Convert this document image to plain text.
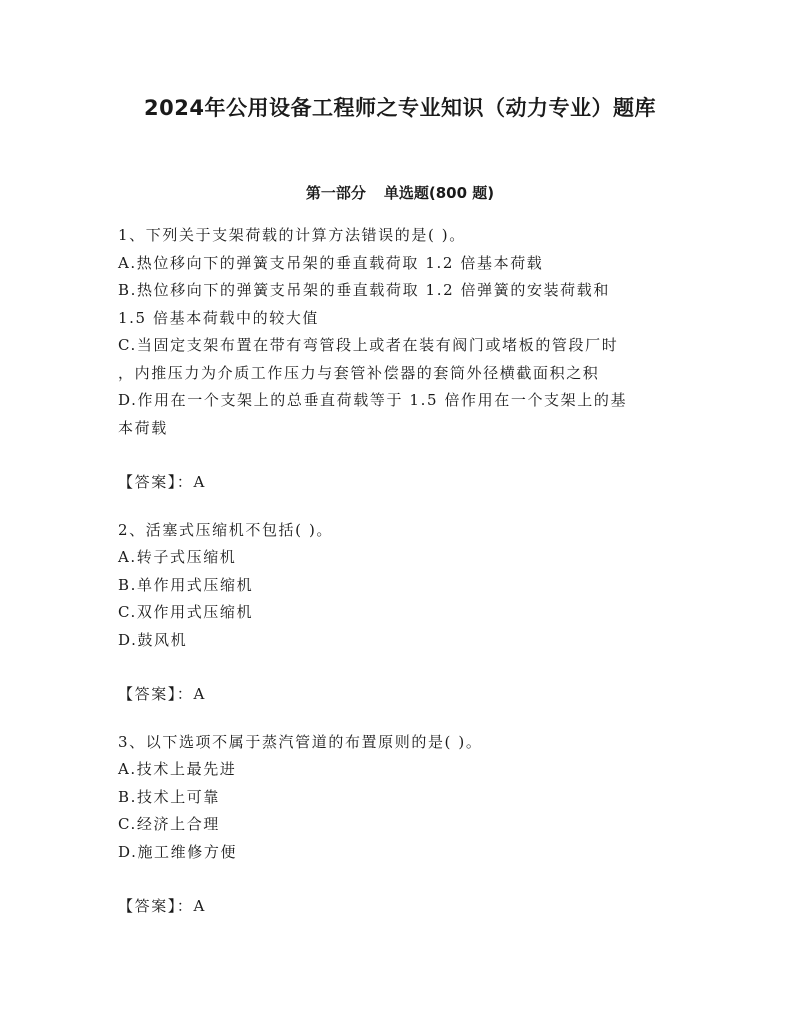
2024年公用设备工程师之专业知识（动力专业）题库
第一部分 单选题(800 题)
1、下列关于支架荷载的计算方法错误的是( )。
A.热位移向下的弹簧支吊架的垂直载荷取 1.2 倍基本荷载
B.热位移向下的弹簧支吊架的垂直载荷取 1.2 倍弹簧的安装荷载和
1.5 倍基本荷载中的较大值
C.当固定支架布置在带有弯管段上或者在装有阀门或堵板的管段厂时
，内推压力为介质工作压力与套管补偿器的套筒外径横截面积之积
D.作用在一个支架上的总垂直荷载等于 1.5 倍作用在一个支架上的基
本荷载
【答案】：A
2、活塞式压缩机不包括( )。
A.转子式压缩机
B.单作用式压缩机
C.双作用式压缩机
D.鼓风机
【答案】：A
3、以下选项不属于蒸汽管道的布置原则的是( )。
A.技术上最先进
B.技术上可靠
C.经济上合理
D.施工维修方便
【答案】：A
